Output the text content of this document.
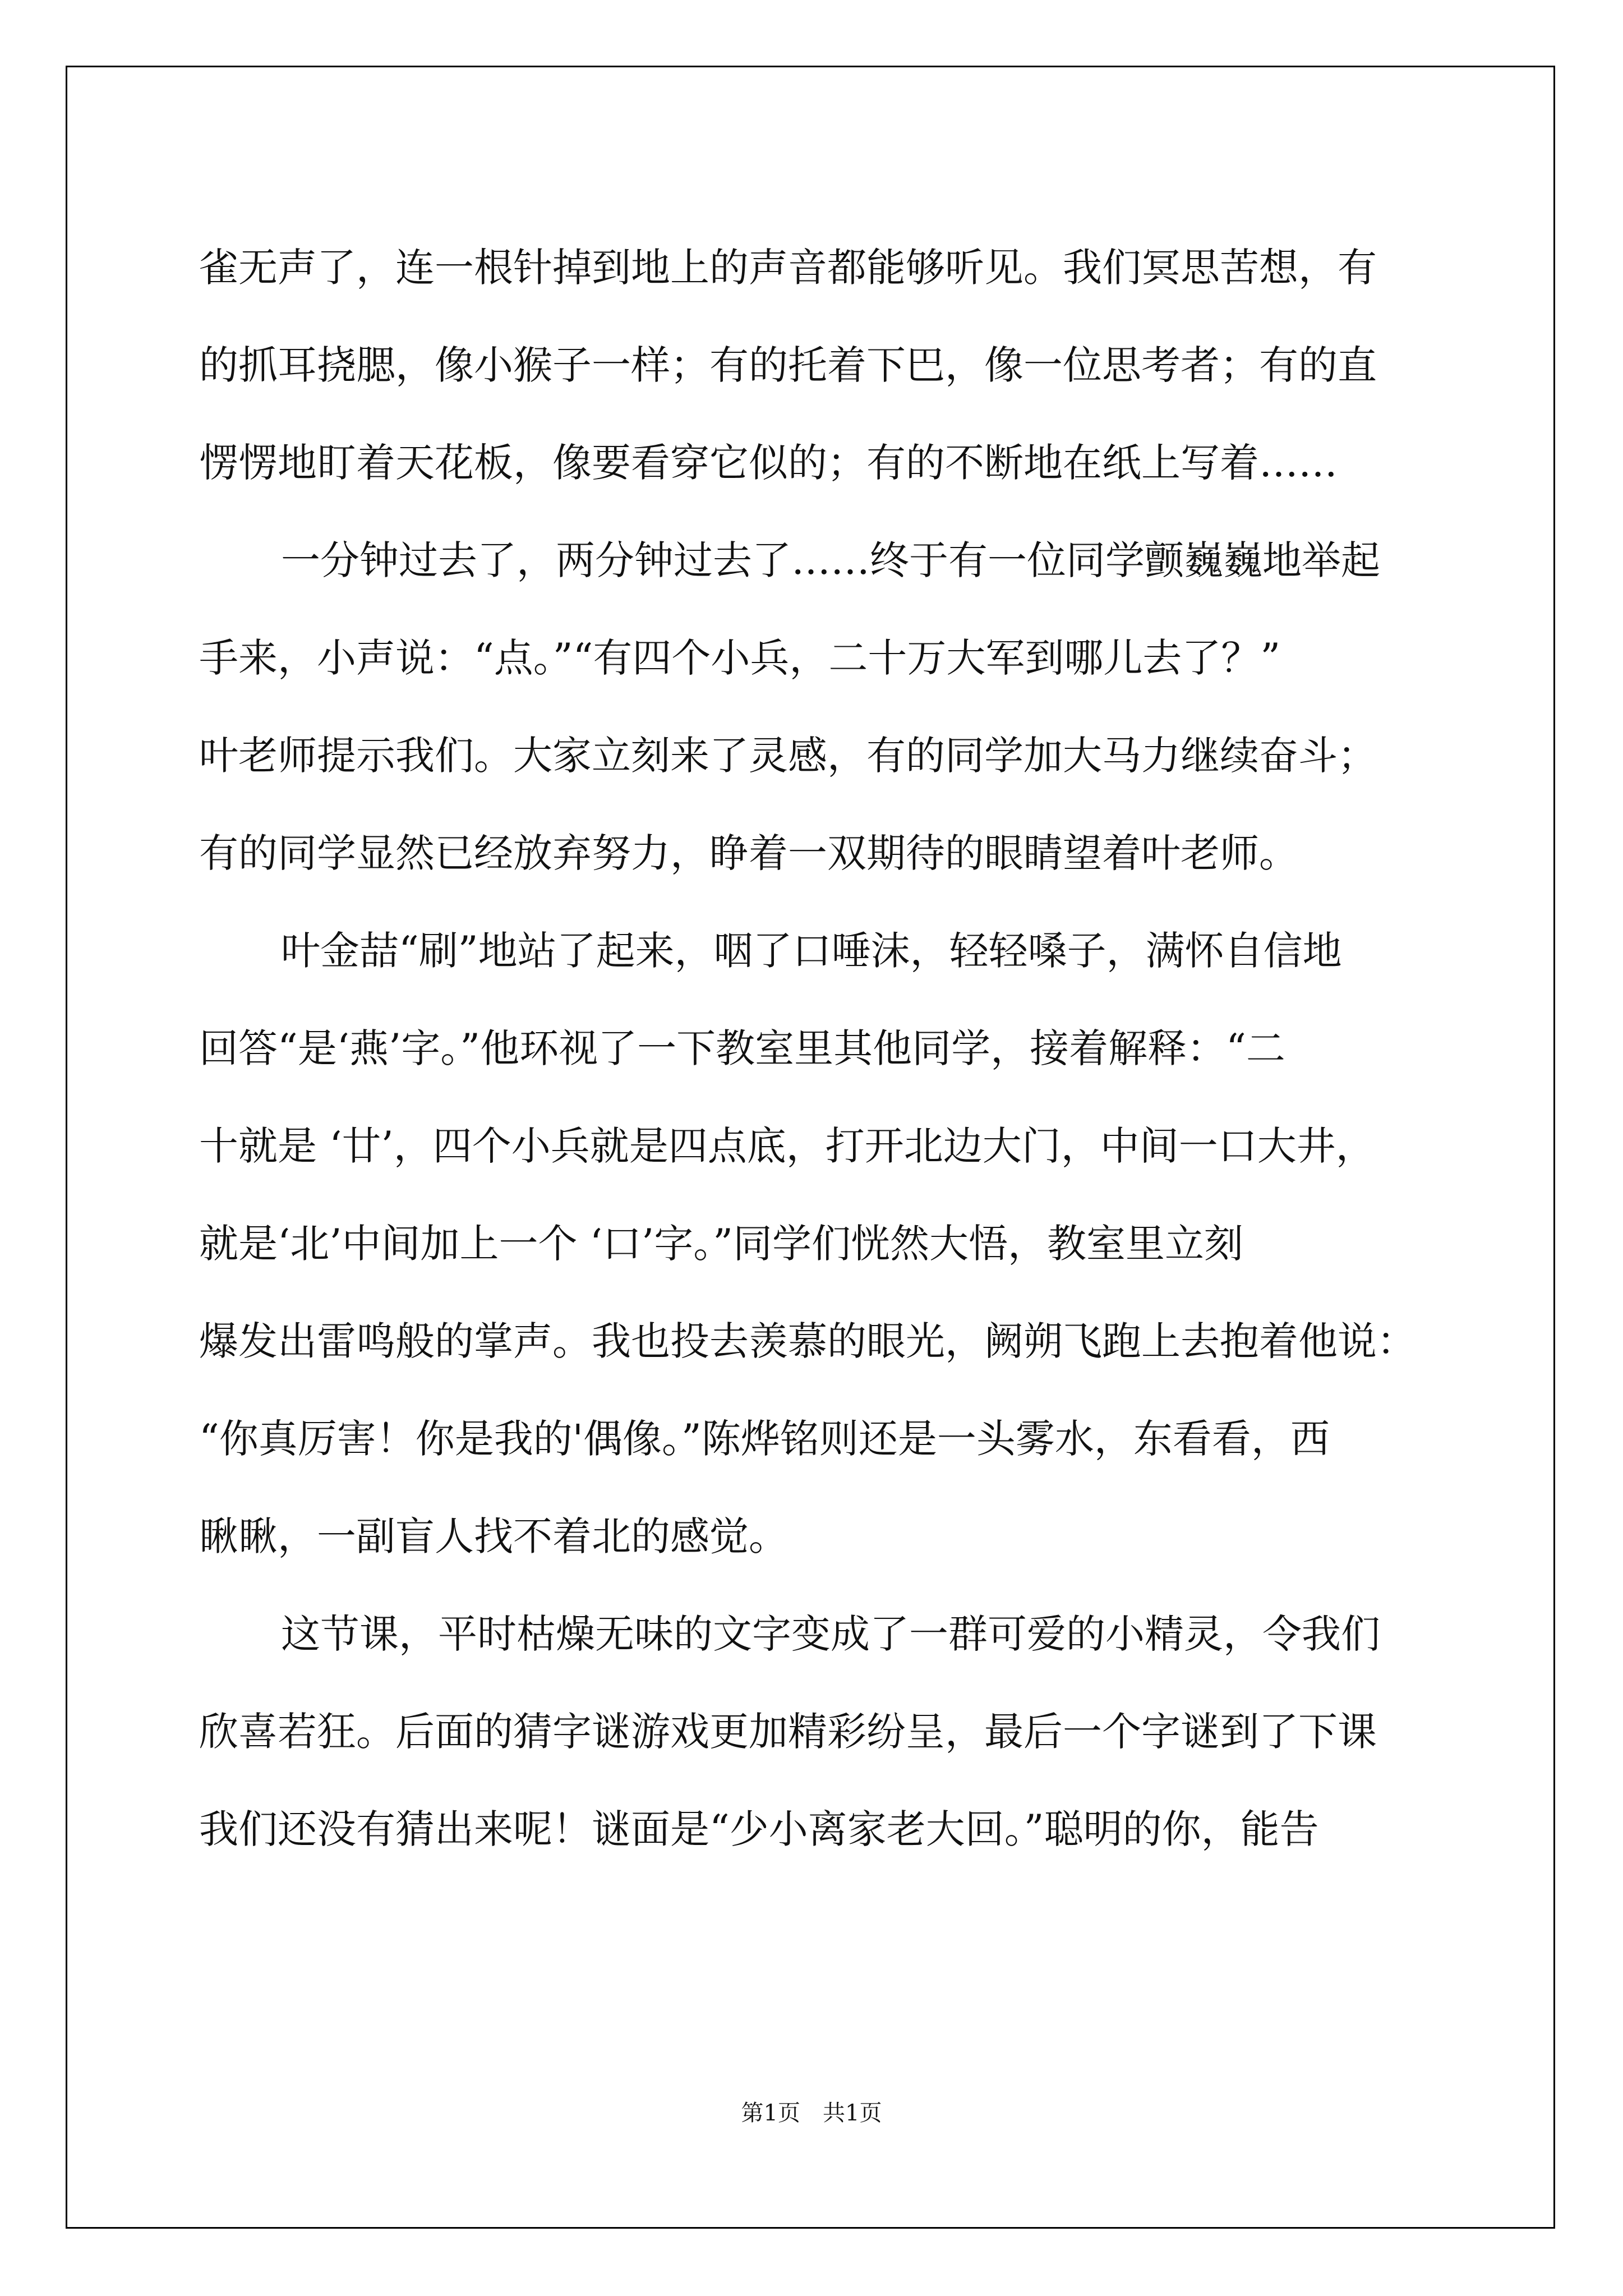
雀无声了，连一根针掉到地上的声音都能够听见。我们冥思苦想，有
的抓耳挠腮，像小猴子一样；有的托着下巴，像一位思考者；有的直
愣愣地盯着天花板，像要看穿它似的；有的不断地在纸上写着……
一分钟过去了，两分钟过去了……终于有一位同学颤巍巍地举起
手来，小声说：“点。”“有四个小兵，二十万大军到哪儿去了？”
叶老师提示我们。大家立刻来了灵感，有的同学加大马力继续奋斗；
有的同学显然已经放弃努力，睁着一双期待的眼睛望着叶老师。
叶金喆“刷”地站了起来，咽了口唾沫，轻轻嗓子，满怀自信地
回答“是‘燕’字。”他环视了一下教室里其他同学，接着解释：“二
十就是 ‘廿’，四个小兵就是四点底，打开北边大门，中间一口大井，
就是‘北’中间加上一个 ‘口’字。”同学们恍然大悟，教室里立刻
爆发出雷鸣般的掌声。我也投去羡慕的眼光，阙朔飞跑上去抱着他说：
“你真厉害！你是我的'偶像。”陈烨铭则还是一头雾水，东看看，西
瞅瞅，一副盲人找不着北的感觉。
这节课，平时枯燥无味的文字变成了一群可爱的小精灵，令我们
欣喜若狂。后面的猜字谜游戏更加精彩纷呈，最后一个字谜到了下课
我们还没有猜出来呢！谜面是“少小离家老大回。”聪明的你，能告
第1页 共1页
